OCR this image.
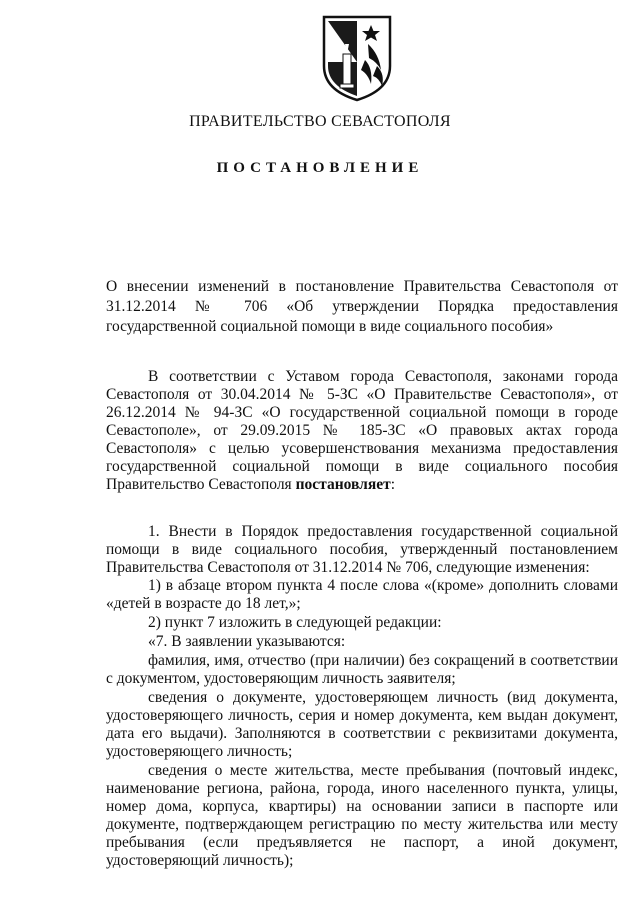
ПРАВИТЕЛЬСТВО СЕВАСТОПОЛЯ
ПОСТАНОВЛЕНИЕ
О внесении изменений в постановление Правительства Севастополя от 31.12.2014 № 706 «Об утверждении Порядка предоставления государственной социальной помощи в виде социального пособия»

В соответствии с Уставом города Севастополя, законами города Севастополя от 30.04.2014 № 5-ЗС «О Правительстве Севастополя», от 26.12.2014 № 94-ЗС «О государственной социальной помощи в городе Севастополе», от 29.09.2015 № 185-ЗС «О правовых актах города Севастополя» с целью усовершенствования механизма предоставления государственной социальной помощи в виде социального пособия Правительство Севастополя постановляет:

1. Внести в Порядок предоставления государственной социальной помощи в виде социального пособия, утвержденный постановлением Правительства Севастополя от 31.12.2014 № 706, следующие изменения:

1) в абзаце втором пункта 4 после слова «(кроме» дополнить словами «детей в возрасте до 18 лет,»;

2) пункт 7 изложить в следующей редакции:

«7. В заявлении указываются:

фамилия, имя, отчество (при наличии) без сокращений в соответствии с документом, удостоверяющим личность заявителя;

сведения о документе, удостоверяющем личность (вид документа, удостоверяющего личность, серия и номер документа, кем выдан документ, дата его выдачи). Заполняются в соответствии с реквизитами документа, удостоверяющего личность;

сведения о месте жительства, месте пребывания (почтовый индекс, наименование региона, района, города, иного населенного пункта, улицы, номер дома, корпуса, квартиры) на основании записи в паспорте или документе, подтверждающем регистрацию по месту жительства или месту пребывания (если предъявляется не паспорт, а иной документ, удостоверяющий личность);
